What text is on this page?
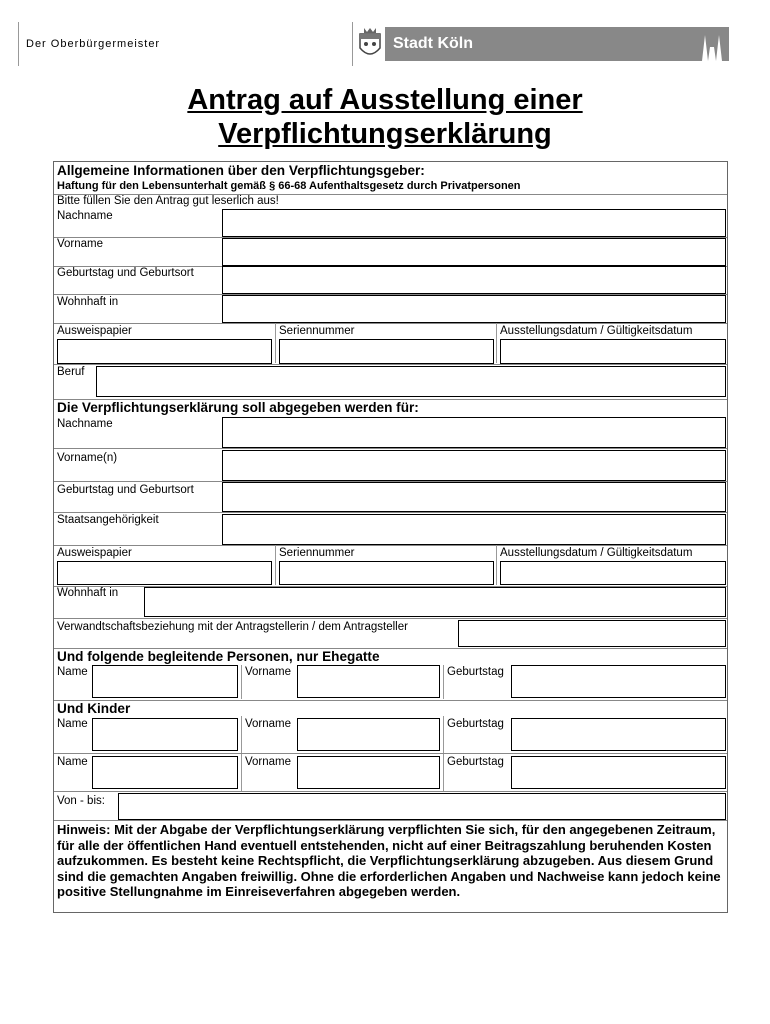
Der Oberbürgermeister	Stadt Köln
Antrag auf Ausstellung einer
Verpflichtungserklärung
Allgemeine Informationen über den Verpflichtungsgeber:
Haftung für den Lebensunterhalt gemäß § 66-68 Aufenthaltsgesetz durch Privatpersonen
Bitte füllen Sie den Antrag gut leserlich aus!
Nachname
Vorname
Geburtstag und Geburtsort
Wohnhaft in
Ausweispapier	Seriennummer	Ausstellungsdatum / Gültigkeitsdatum
Beruf
Die Verpflichtungserklärung soll abgegeben werden für:
Nachname
Vorname(n)
Geburtstag und Geburtsort
Staatsangehörigkeit
Ausweispapier	Seriennummer	Ausstellungsdatum / Gültigkeitsdatum
Wohnhaft in
Verwandtschaftsbeziehung mit der Antragstellerin / dem Antragsteller
Und folgende begleitende Personen, nur Ehegatte
Name	Vorname	Geburtstag
Und Kinder
Name	Vorname	Geburtstag
Name	Vorname	Geburtstag
Von - bis:
Hinweis: Mit der Abgabe der Verpflichtungserklärung verpflichten Sie sich, für den angegebenen Zeitraum, für alle der öffentlichen Hand eventuell entstehenden, nicht auf einer Beitragszahlung beruhenden Kosten aufzukommen. Es besteht keine Rechtspflicht, die Verpflichtungserklärung abzugeben. Aus diesem Grund sind die gemachten Angaben freiwillig. Ohne die erforderlichen Angaben und Nachweise kann jedoch keine positive Stellungnahme im Einreiseverfahren abgegeben werden.
